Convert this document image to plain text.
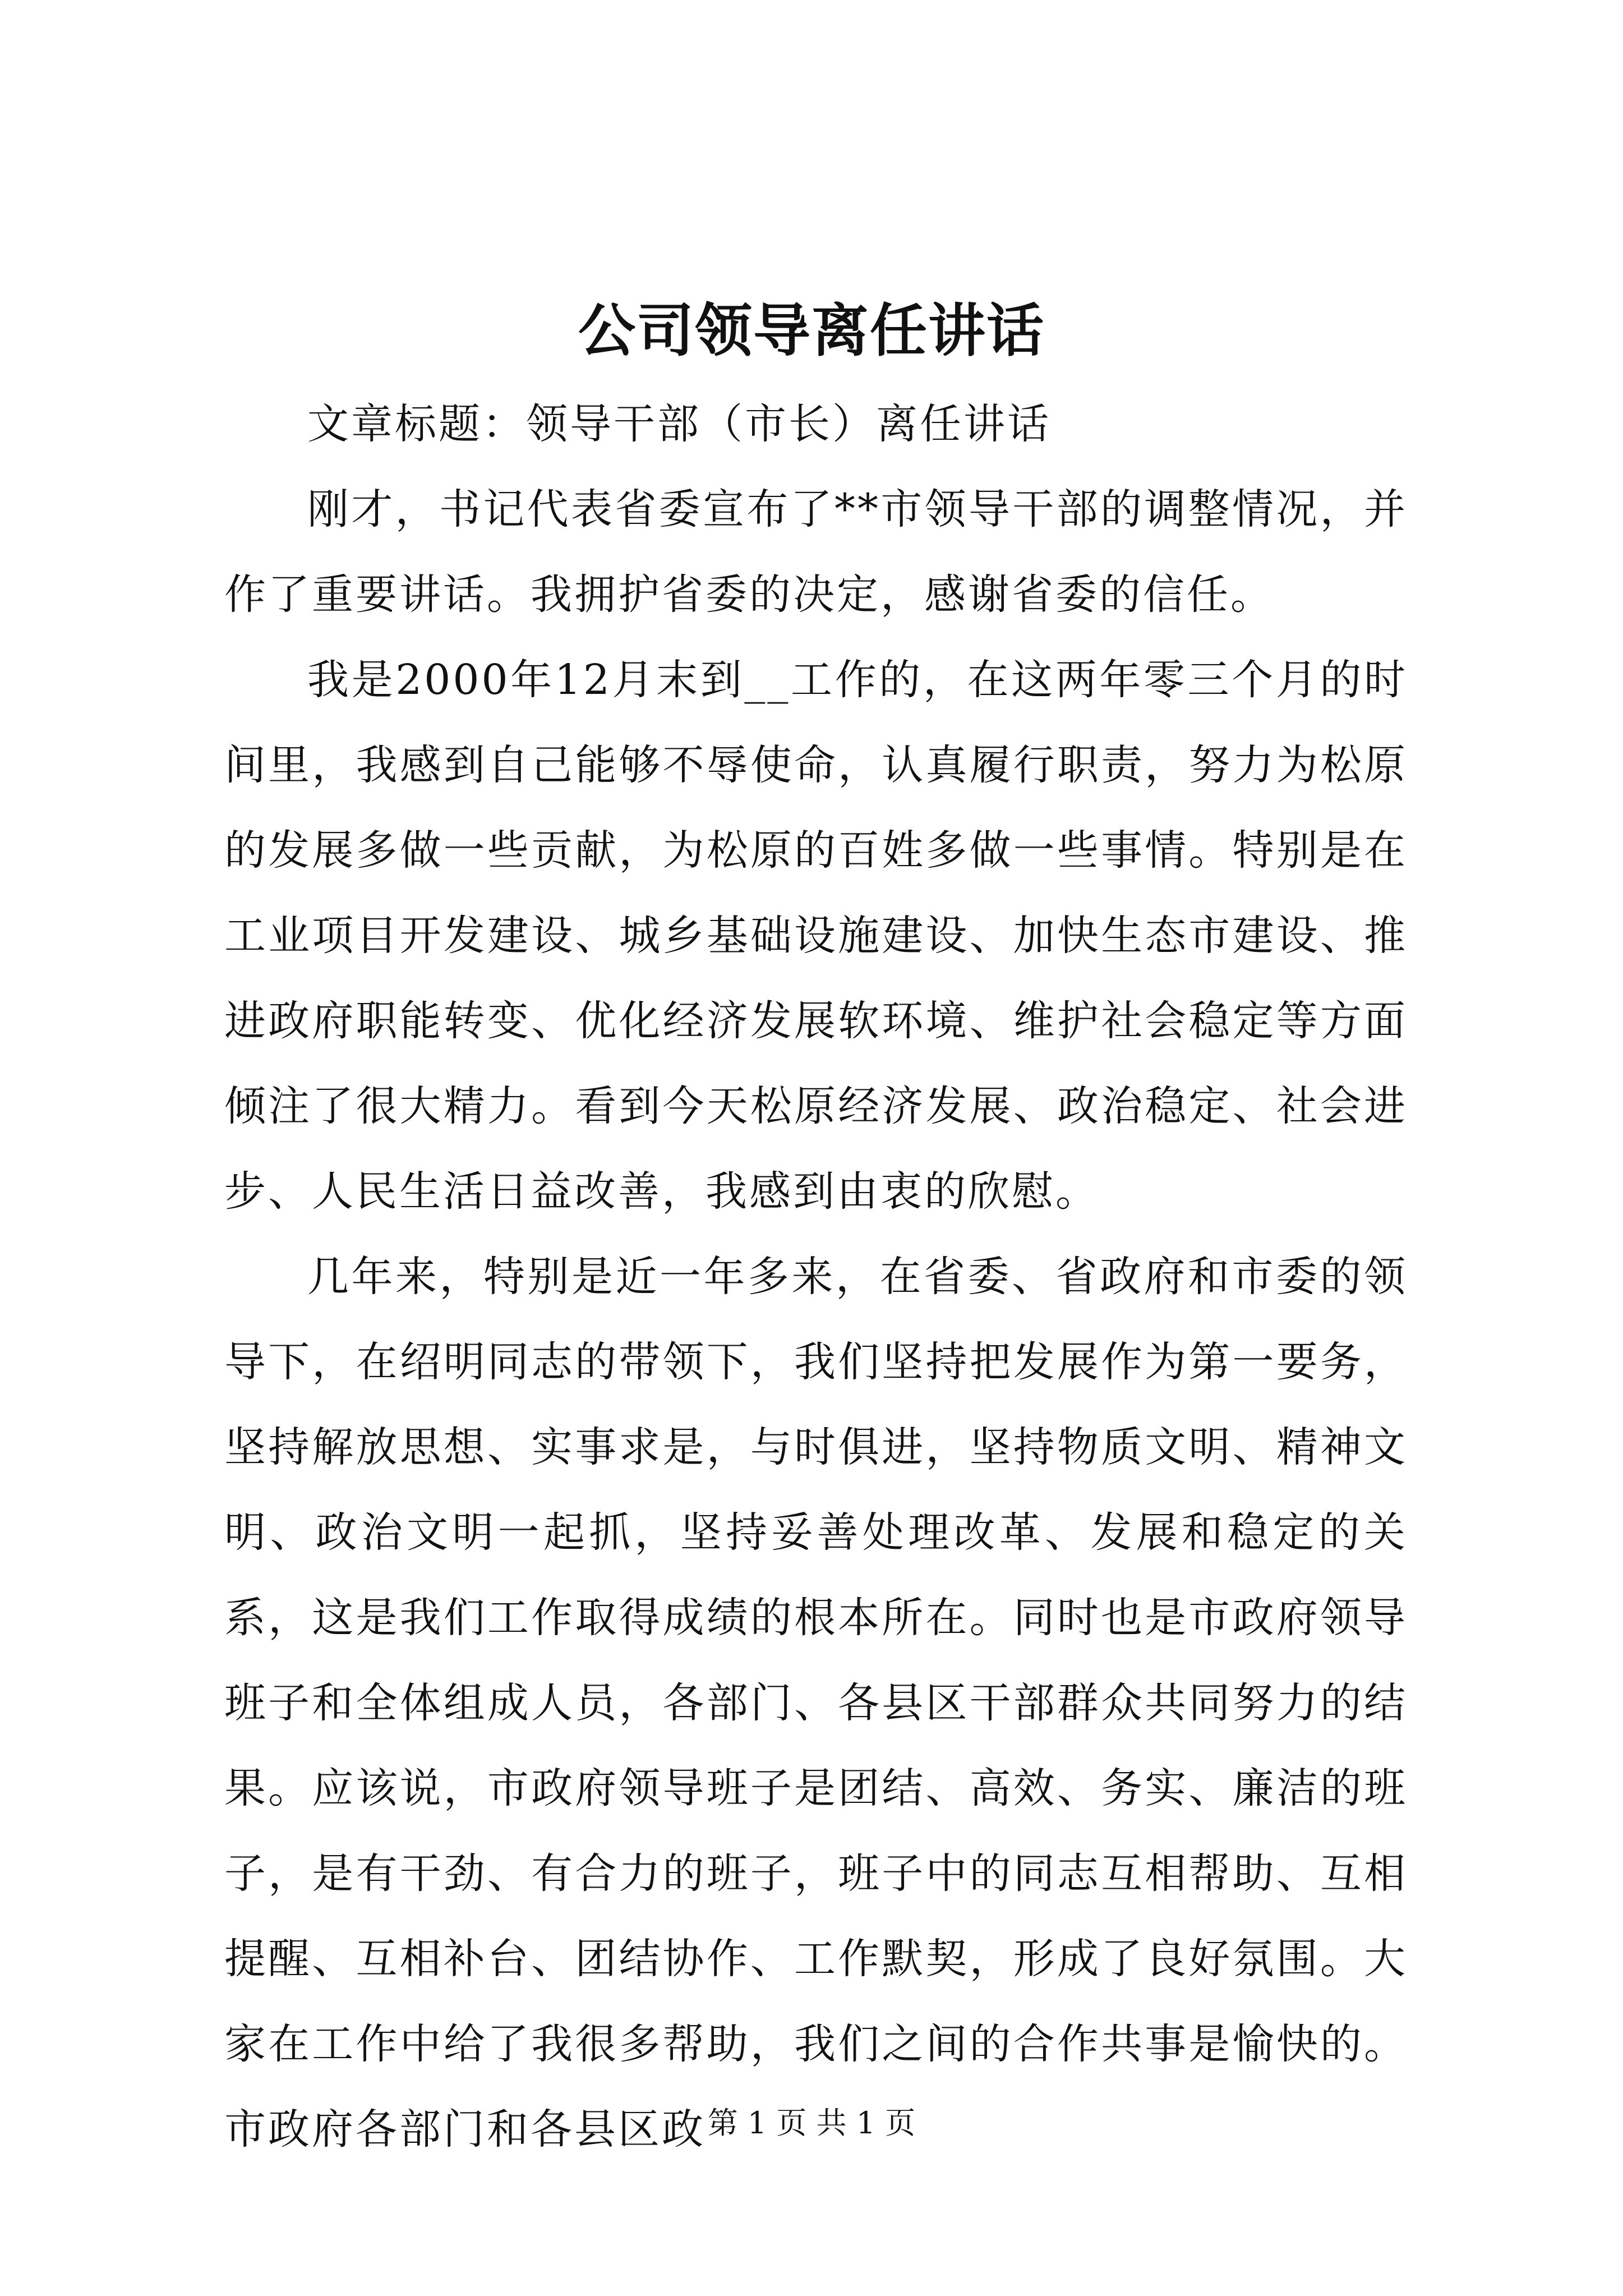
公司领导离任讲话

文章标题：领导干部（市长）离任讲话

刚才，书记代表省委宣布了**市领导干部的调整情况，并作了重要讲话。我拥护省委的决定，感谢省委的信任。

我是2000年12月末到__工作的，在这两年零三个月的时间里，我感到自己能够不辱使命，认真履行职责，努力为松原的发展多做一些贡献，为松原的百姓多做一些事情。特别是在工业项目开发建设、城乡基础设施建设、加快生态市建设、推进政府职能转变、优化经济发展软环境、维护社会稳定等方面倾注了很大精力。看到今天松原经济发展、政治稳定、社会进步、人民生活日益改善，我感到由衷的欣慰。

几年来，特别是近一年多来，在省委、省政府和市委的领导下，在绍明同志的带领下，我们坚持把发展作为第一要务，坚持解放思想、实事求是，与时俱进，坚持物质文明、精神文明、政治文明一起抓，坚持妥善处理改革、发展和稳定的关系，这是我们工作取得成绩的根本所在。同时也是市政府领导班子和全体组成人员，各部门、各县区干部群众共同努力的结果。应该说，市政府领导班子是团结、高效、务实、廉洁的班子，是有干劲、有合力的班子，班子中的同志互相帮助、互相提醒、互相补台、团结协作、工作默契，形成了良好氛围。大家在工作中给了我很多帮助，我们之间的合作共事是愉快的。市政府各部门和各县区政 第 1 页 共 1 页
